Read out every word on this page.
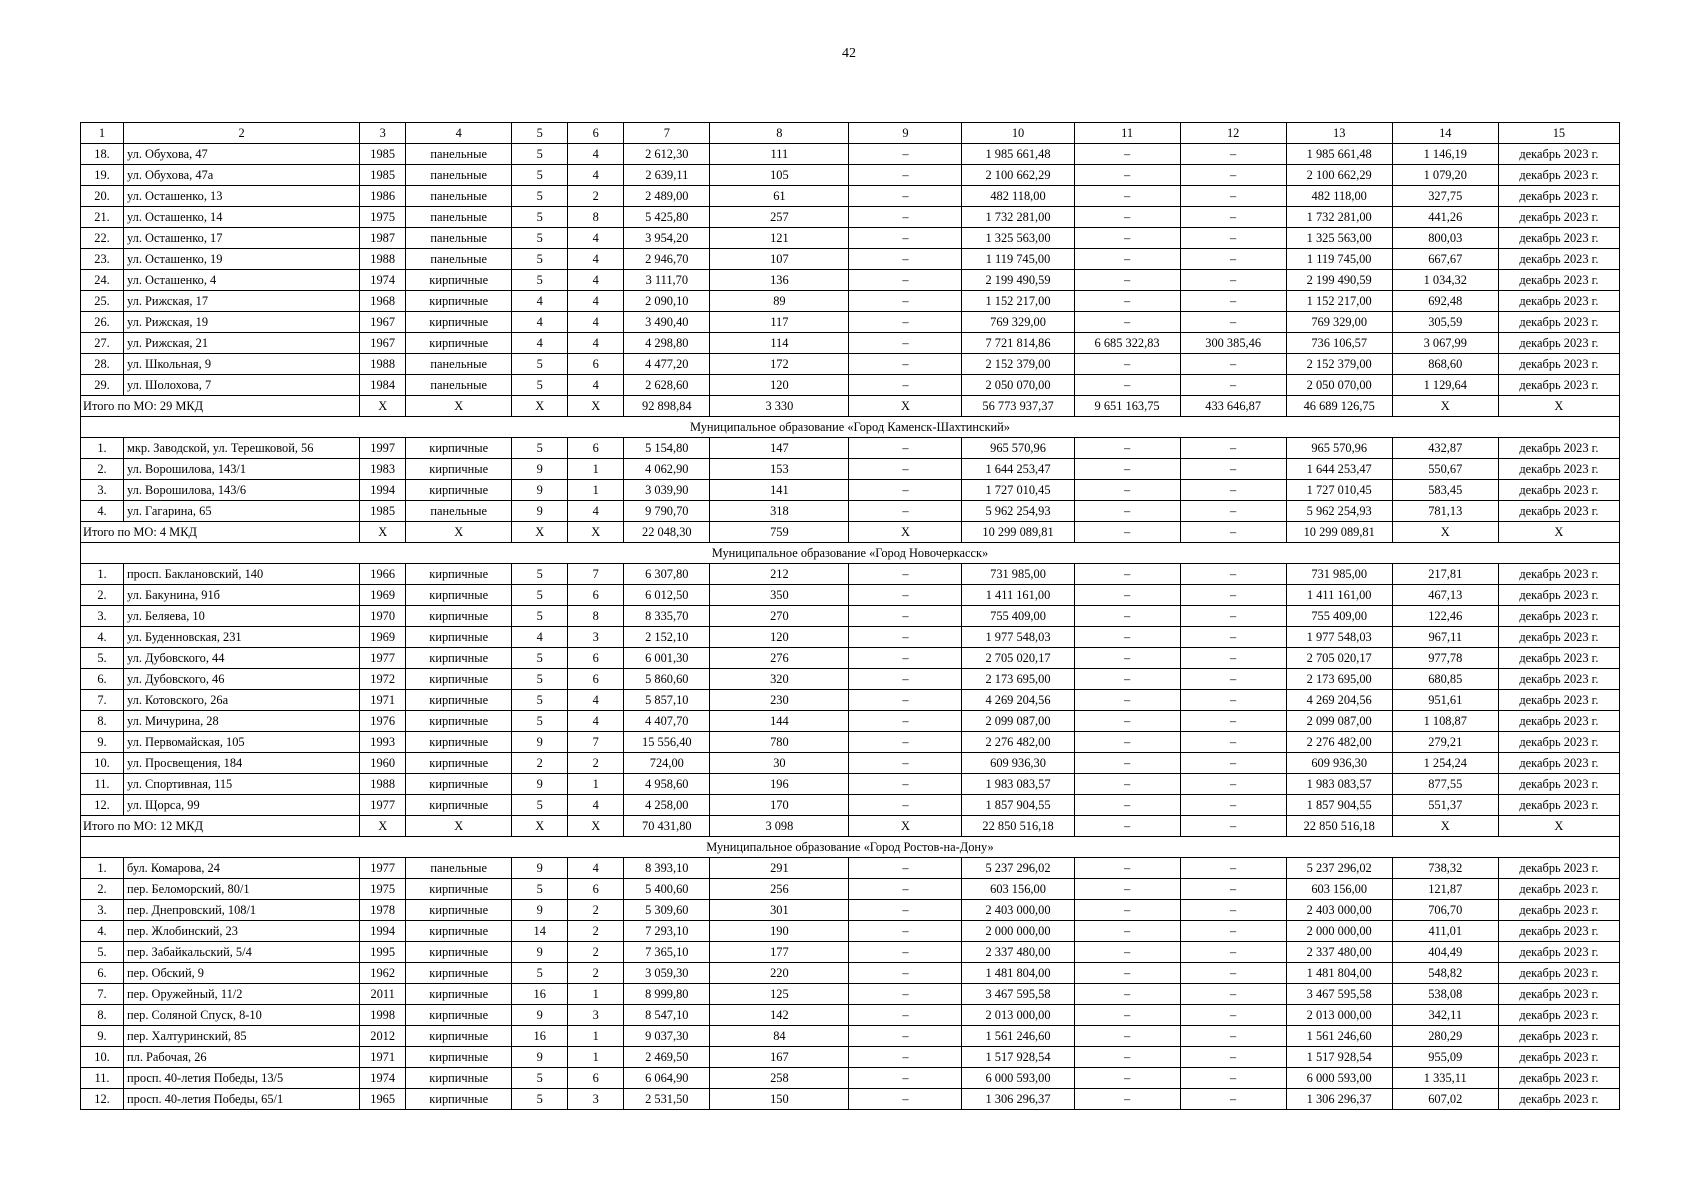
42
1	2	3	4	5	6	7	8	9	10	11	12	13	14	15
18.	ул. Обухова, 47	1985	панельные	5	4	2 612,30	111	–	1 985 661,48	–	–	1 985 661,48	1 146,19	декабрь 2023 г.
19.	ул. Обухова, 47а	1985	панельные	5	4	2 639,11	105	–	2 100 662,29	–	–	2 100 662,29	1 079,20	декабрь 2023 г.
20.	ул. Осташенко, 13	1986	панельные	5	2	2 489,00	61	–	482 118,00	–	–	482 118,00	327,75	декабрь 2023 г.
21.	ул. Осташенко, 14	1975	панельные	5	8	5 425,80	257	–	1 732 281,00	–	–	1 732 281,00	441,26	декабрь 2023 г.
22.	ул. Осташенко, 17	1987	панельные	5	4	3 954,20	121	–	1 325 563,00	–	–	1 325 563,00	800,03	декабрь 2023 г.
23.	ул. Осташенко, 19	1988	панельные	5	4	2 946,70	107	–	1 119 745,00	–	–	1 119 745,00	667,67	декабрь 2023 г.
24.	ул. Осташенко, 4	1974	кирпичные	5	4	3 111,70	136	–	2 199 490,59	–	–	2 199 490,59	1 034,32	декабрь 2023 г.
25.	ул. Рижская, 17	1968	кирпичные	4	4	2 090,10	89	–	1 152 217,00	–	–	1 152 217,00	692,48	декабрь 2023 г.
26.	ул. Рижская, 19	1967	кирпичные	4	4	3 490,40	117	–	769 329,00	–	–	769 329,00	305,59	декабрь 2023 г.
27.	ул. Рижская, 21	1967	кирпичные	4	4	4 298,80	114	–	7 721 814,86	6 685 322,83	300 385,46	736 106,57	3 067,99	декабрь 2023 г.
28.	ул. Школьная, 9	1988	панельные	5	6	4 477,20	172	–	2 152 379,00	–	–	2 152 379,00	868,60	декабрь 2023 г.
29.	ул. Шолохова, 7	1984	панельные	5	4	2 628,60	120	–	2 050 070,00	–	–	2 050 070,00	1 129,64	декабрь 2023 г.
Итого по МО: 29 МКД		X	X	X	X	92 898,84	3 330	X	56 773 937,37	9 651 163,75	433 646,87	46 689 126,75	X	X
Муниципальное образование «Город Каменск-Шахтинский»														
1.	мкр. Заводской, ул. Терешковой, 56	1997	кирпичные	5	6	5 154,80	147	–	965 570,96	–	–	965 570,96	432,87	декабрь 2023 г.
2.	ул. Ворошилова, 143/1	1983	кирпичные	9	1	4 062,90	153	–	1 644 253,47	–	–	1 644 253,47	550,67	декабрь 2023 г.
3.	ул. Ворошилова, 143/6	1994	кирпичные	9	1	3 039,90	141	–	1 727 010,45	–	–	1 727 010,45	583,45	декабрь 2023 г.
4.	ул. Гагарина, 65	1985	панельные	9	4	9 790,70	318	–	5 962 254,93	–	–	5 962 254,93	781,13	декабрь 2023 г.
Итого по МО: 4 МКД		X	X	X	X	22 048,30	759	X	10 299 089,81	–	–	10 299 089,81	X	X
Муниципальное образование «Город Новочеркасск»														
1.	просп. Баклановский, 140	1966	кирпичные	5	7	6 307,80	212	–	731 985,00	–	–	731 985,00	217,81	декабрь 2023 г.
2.	ул. Бакунина, 91б	1969	кирпичные	5	6	6 012,50	350	–	1 411 161,00	–	–	1 411 161,00	467,13	декабрь 2023 г.
3.	ул. Беляева, 10	1970	кирпичные	5	8	8 335,70	270	–	755 409,00	–	–	755 409,00	122,46	декабрь 2023 г.
4.	ул. Буденновская, 231	1969	кирпичные	4	3	2 152,10	120	–	1 977 548,03	–	–	1 977 548,03	967,11	декабрь 2023 г.
5.	ул. Дубовского, 44	1977	кирпичные	5	6	6 001,30	276	–	2 705 020,17	–	–	2 705 020,17	977,78	декабрь 2023 г.
6.	ул. Дубовского, 46	1972	кирпичные	5	6	5 860,60	320	–	2 173 695,00	–	–	2 173 695,00	680,85	декабрь 2023 г.
7.	ул. Котовского, 26а	1971	кирпичные	5	4	5 857,10	230	–	4 269 204,56	–	–	4 269 204,56	951,61	декабрь 2023 г.
8.	ул. Мичурина, 28	1976	кирпичные	5	4	4 407,70	144	–	2 099 087,00	–	–	2 099 087,00	1 108,87	декабрь 2023 г.
9.	ул. Первомайская, 105	1993	кирпичные	9	7	15 556,40	780	–	2 276 482,00	–	–	2 276 482,00	279,21	декабрь 2023 г.
10.	ул. Просвещения, 184	1960	кирпичные	2	2	724,00	30	–	609 936,30	–	–	609 936,30	1 254,24	декабрь 2023 г.
11.	ул. Спортивная, 115	1988	кирпичные	9	1	4 958,60	196	–	1 983 083,57	–	–	1 983 083,57	877,55	декабрь 2023 г.
12.	ул. Щорса, 99	1977	кирпичные	5	4	4 258,00	170	–	1 857 904,55	–	–	1 857 904,55	551,37	декабрь 2023 г.
Итого по МО: 12 МКД		X	X	X	X	70 431,80	3 098	X	22 850 516,18	–	–	22 850 516,18	X	X
Муниципальное образование «Город Ростов-на-Дону»														
1.	бул. Комарова, 24	1977	панельные	9	4	8 393,10	291	–	5 237 296,02	–	–	5 237 296,02	738,32	декабрь 2023 г.
2.	пер. Беломорский, 80/1	1975	кирпичные	5	6	5 400,60	256	–	603 156,00	–	–	603 156,00	121,87	декабрь 2023 г.
3.	пер. Днепровский, 108/1	1978	кирпичные	9	2	5 309,60	301	–	2 403 000,00	–	–	2 403 000,00	706,70	декабрь 2023 г.
4.	пер. Жлобинский, 23	1994	кирпичные	14	2	7 293,10	190	–	2 000 000,00	–	–	2 000 000,00	411,01	декабрь 2023 г.
5.	пер. Забайкальский, 5/4	1995	кирпичные	9	2	7 365,10	177	–	2 337 480,00	–	–	2 337 480,00	404,49	декабрь 2023 г.
6.	пер. Обский, 9	1962	кирпичные	5	2	3 059,30	220	–	1 481 804,00	–	–	1 481 804,00	548,82	декабрь 2023 г.
7.	пер. Оружейный, 11/2	2011	кирпичные	16	1	8 999,80	125	–	3 467 595,58	–	–	3 467 595,58	538,08	декабрь 2023 г.
8.	пер. Соляной Спуск, 8-10	1998	кирпичные	9	3	8 547,10	142	–	2 013 000,00	–	–	2 013 000,00	342,11	декабрь 2023 г.
9.	пер. Халтуринский, 85	2012	кирпичные	16	1	9 037,30	84	–	1 561 246,60	–	–	1 561 246,60	280,29	декабрь 2023 г.
10.	пл. Рабочая, 26	1971	кирпичные	9	1	2 469,50	167	–	1 517 928,54	–	–	1 517 928,54	955,09	декабрь 2023 г.
11.	просп. 40-летия Победы, 13/5	1974	кирпичные	5	6	6 064,90	258	–	6 000 593,00	–	–	6 000 593,00	1 335,11	декабрь 2023 г.
12.	просп. 40-летия Победы, 65/1	1965	кирпичные	5	3	2 531,50	150	–	1 306 296,37	–	–	1 306 296,37	607,02	декабрь 2023 г.
